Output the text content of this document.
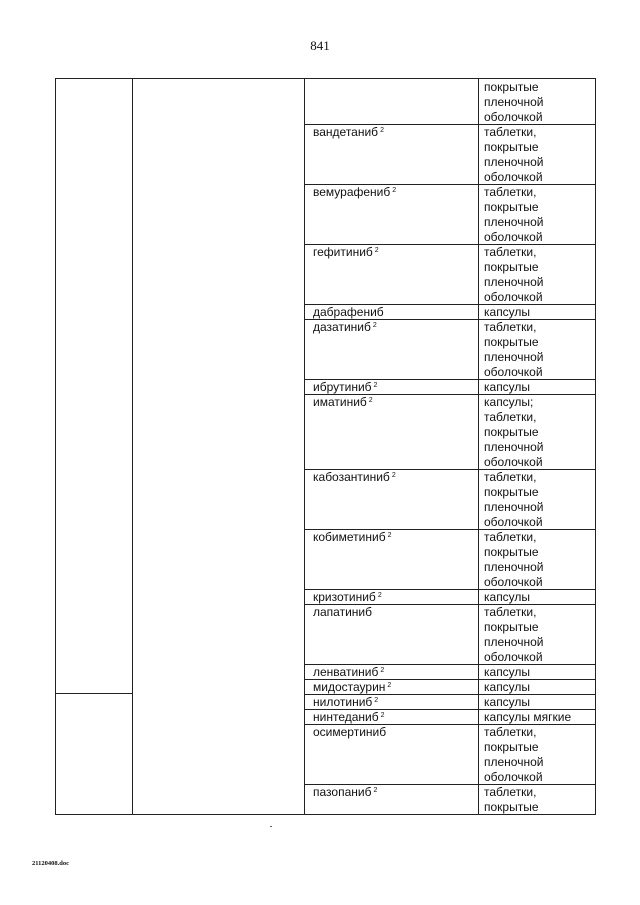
841
покрытые
пленочной
оболочкой
вандетаниб $^2$	таблетки,
покрытые
пленочной
оболочкой
вемурафениб $^2$	таблетки,
покрытые
пленочной
оболочкой
гефитиниб $^2$	таблетки,
покрытые
пленочной
оболочкой
дабрафениб	капсулы
дазатиниб $^2$	таблетки,
покрытые
пленочной
оболочкой
ибрутиниб $^2$	капсулы
иматиниб $^2$	капсулы;
таблетки,
покрытые
пленочной
оболочкой
кабозантиниб $^2$	таблетки,
покрытые
пленочной
оболочкой
кобиметиниб $^2$	таблетки,
покрытые
пленочной
оболочкой
кризотиниб $^2$	капсулы
лапатиниб	таблетки,
покрытые
пленочной
оболочкой
ленватиниб $^2$	капсулы
мидостаурин $^2$	капсулы
нилотиниб $^2$	капсулы
нинтеданиб $^2$	капсулы мягкие
осимертиниб	таблетки,
покрытые
пленочной
оболочкой
пазопаниб $^2$	таблетки,
покрытые
21120408.doc
